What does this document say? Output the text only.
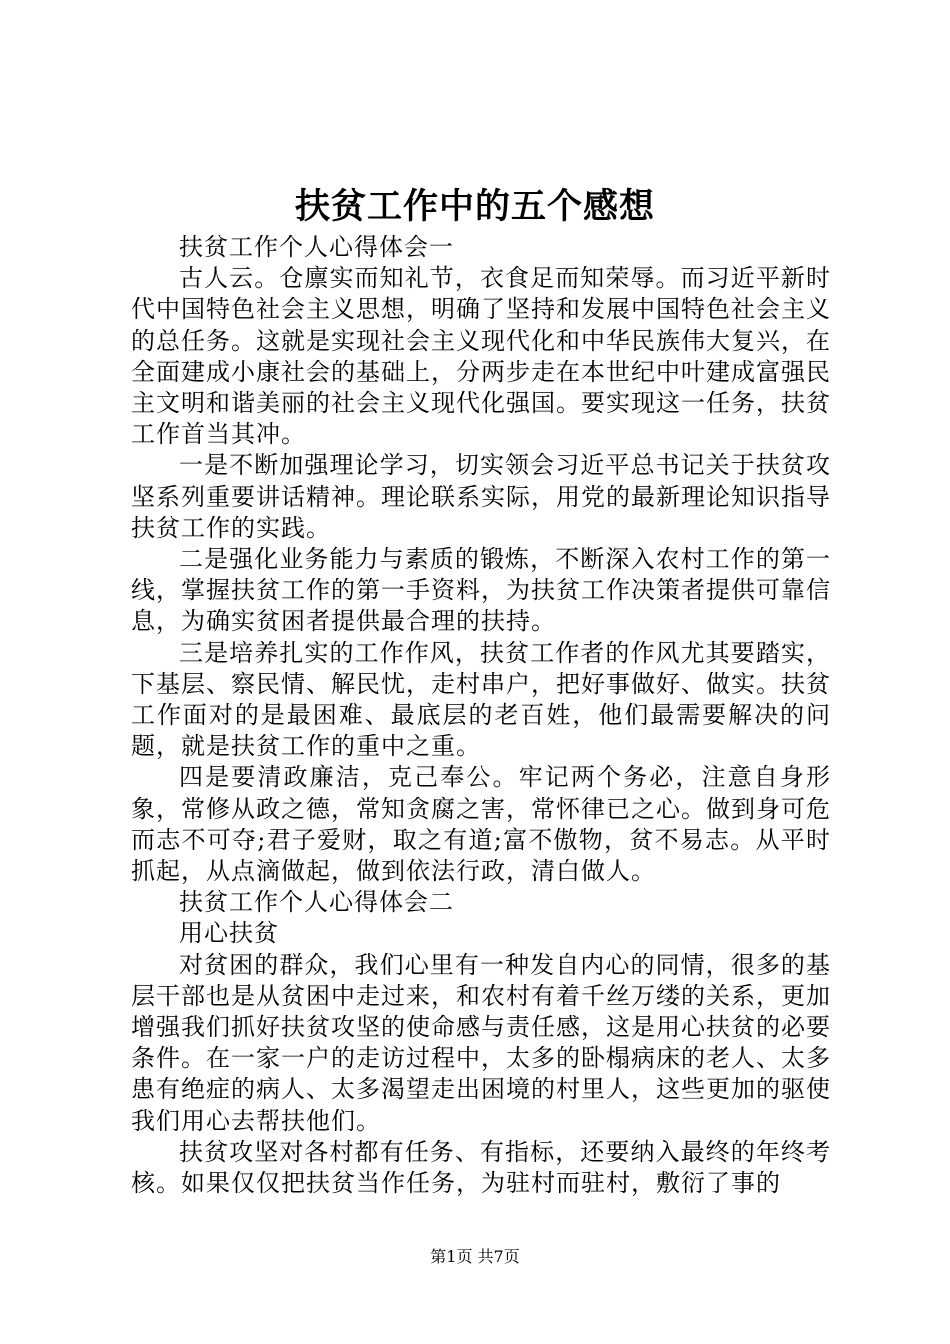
扶贫工作中的五个感想

扶贫工作个人心得体会一

古人云。仓廪实而知礼节，衣食足而知荣辱。而习近平新时代中国特色社会主义思想，明确了坚持和发展中国特色社会主义的总任务。这就是实现社会主义现代化和中华民族伟大复兴，在全面建成小康社会的基础上，分两步走在本世纪中叶建成富强民主文明和谐美丽的社会主义现代化强国。要实现这一任务，扶贫工作首当其冲。

一是不断加强理论学习，切实领会习近平总书记关于扶贫攻坚系列重要讲话精神。理论联系实际，用党的最新理论知识指导扶贫工作的实践。

二是强化业务能力与素质的锻炼，不断深入农村工作的第一线，掌握扶贫工作的第一手资料，为扶贫工作决策者提供可靠信息，为确实贫困者提供最合理的扶持。

三是培养扎实的工作作风，扶贫工作者的作风尤其要踏实，下基层、察民情、解民忧，走村串户，把好事做好、做实。扶贫工作面对的是最困难、最底层的老百姓，他们最需要解决的问题，就是扶贫工作的重中之重。

四是要清政廉洁，克己奉公。牢记两个务必，注意自身形象，常修从政之德，常知贪腐之害，常怀律已之心。做到身可危而志不可夺;君子爱财，取之有道;富不傲物，贫不易志。从平时抓起，从点滴做起，做到依法行政，清白做人。

扶贫工作个人心得体会二

用心扶贫

对贫困的群众，我们心里有一种发自内心的同情，很多的基层干部也是从贫困中走过来，和农村有着千丝万缕的关系，更加增强我们抓好扶贫攻坚的使命感与责任感，这是用心扶贫的必要条件。在一家一户的走访过程中，太多的卧榻病床的老人、太多患有绝症的病人、太多渴望走出困境的村里人，这些更加的驱使我们用心去帮扶他们。

扶贫攻坚对各村都有任务、有指标，还要纳入最终的年终考核。如果仅仅把扶贫当作任务，为驻村而驻村，敷衍了事的

第1页 共7页
